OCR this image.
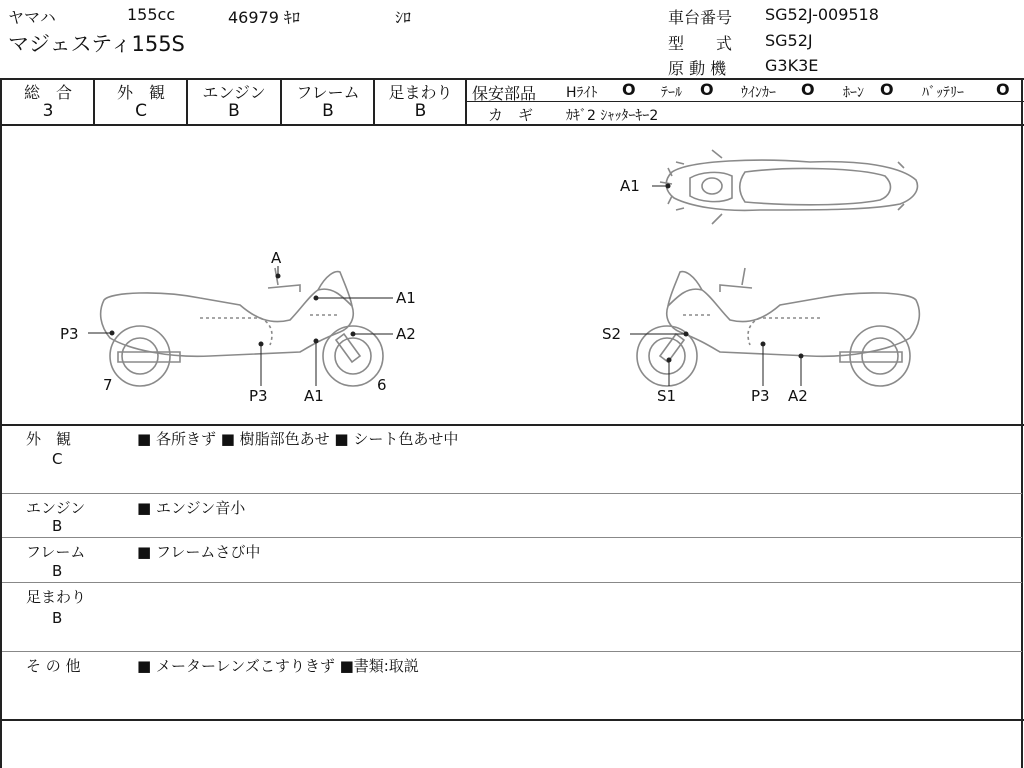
ヤマハ	155cc	46979 ｷﾛ	ｼﾛ
マジェスティ155S
車台番号 SG52J-009518
型　　式 SG52J
原 動 機 G3K3E
総　合
3
外　観
C
エンジン
B
フレーム
B
足まわり
B
保安部品 Hﾗｲﾄ O ﾃｰﾙ O ｳｲﾝｶｰ O ﾎｰﾝ O ﾊﾞｯﾃﾘｰ O
カ　ギ ｶｷﾞ2 ｼｬｯﾀｰｷｰ2
A1
A
A1
A2
P3
7	6
P3 A1
S2
S1	P3 A2
外　観
C
■ 各所きず ■ 樹脂部色あせ ■ シート色あせ中
エンジン
B
■ エンジン音小
フレーム
B
■ フレームさび中
足まわり
B
そ の 他	■ メーターレンズこすりきず ■書類:取説
